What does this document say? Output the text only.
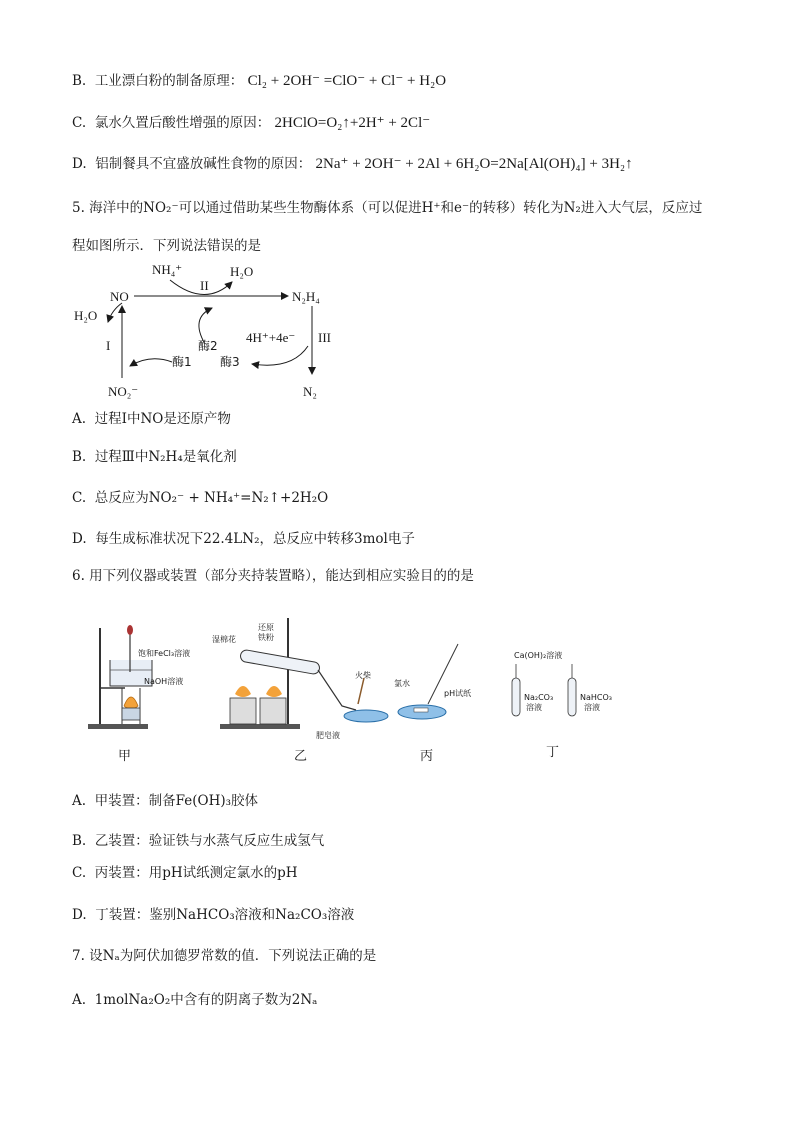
B. 工业漂白粉的制备原理： Cl₂ + 2OH⁻ =ClO⁻ + Cl⁻ + H₂O
C. 氯水久置后酸性增强的原因： 2HClO=O₂↑+2H⁺ + 2Cl⁻
D. 铝制餐具不宜盛放碱性食物的原因： 2Na⁺ + 2OH⁻ + 2Al + 6H₂O=2Na[Al(OH)₄] + 3H₂↑
5. 海洋中的NO₂⁻可以通过借助某些生物酶体系（可以促进H⁺和e⁻的转移）转化为N₂进入大气层，反应过
程如图所示．下列说法错误的是
NH₄⁺	H₂O
II
NO	N₂H₄
H₂O
I
酶1
酶2
酶3
4H⁺+4e⁻ III
NO₂⁻	N₂
A. 过程Ⅰ中NO是还原产物
B. 过程Ⅲ中N₂H₄是氧化剂
C. 总反应为NO₂⁻ + NH₄⁺=N₂↑+2H₂O
D. 每生成标准状况下22.4LN₂，总反应中转移3mol电子
6. 用下列仪器或装置（部分夹持装置略），能达到相应实验目的的是
饱和FeCl₃溶液
NaOH溶液
甲
湿棉花
还原
铁粉
火柴
肥皂液
乙
氯水
pH试纸
丙
Ca(OH)₂溶液
Na₂CO₃
溶液
NaHCO₃
溶液
丁
A. 甲装置：制备Fe(OH)₃胶体
B. 乙装置：验证铁与水蒸气反应生成氢气
C. 丙装置：用pH试纸测定氯水的pH
D. 丁装置：鉴别NaHCO₃溶液和Na₂CO₃溶液
7. 设Nₐ为阿伏加德罗常数的值．下列说法正确的是
A. 1molNa₂O₂中含有的阴离子数为2Nₐ
